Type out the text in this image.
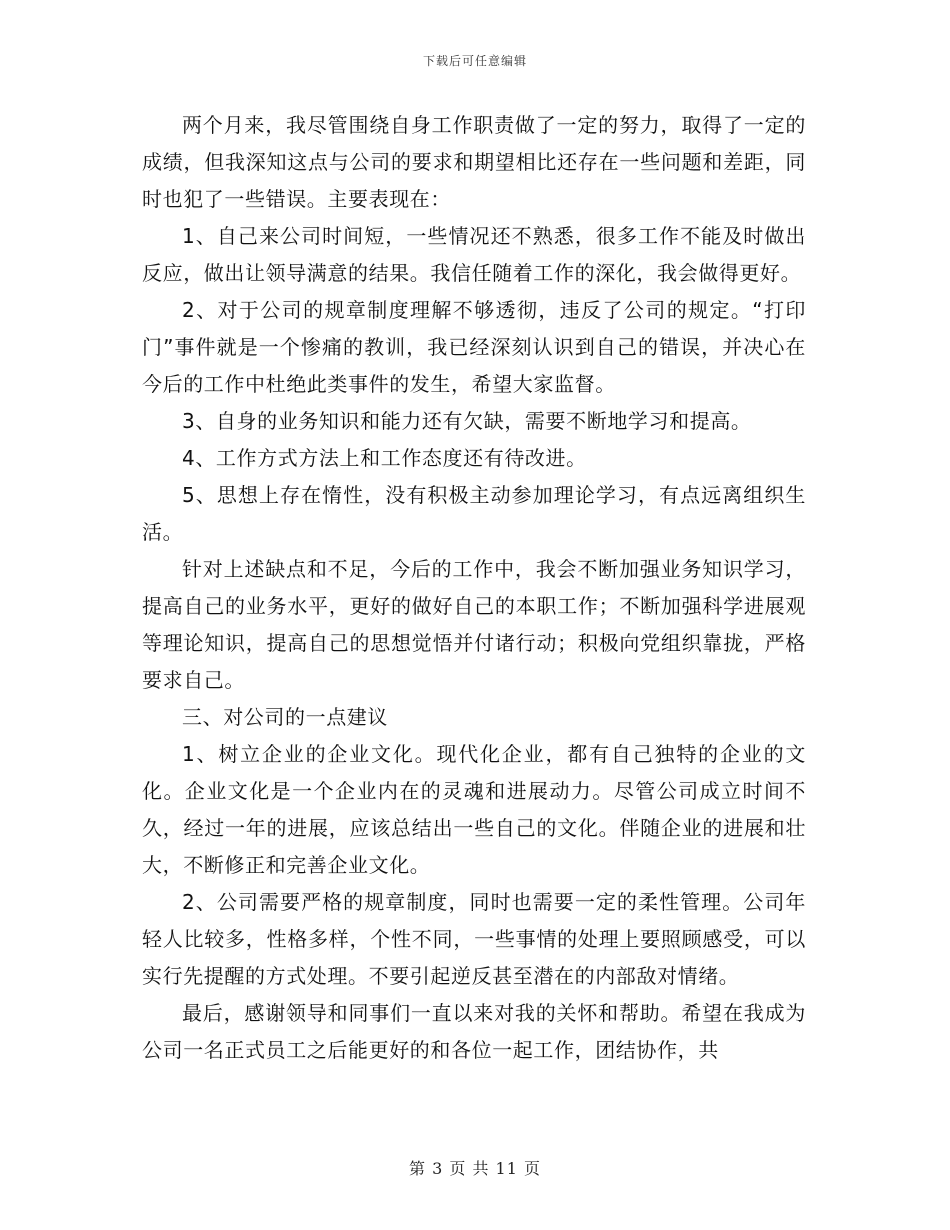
下载后可任意编辑

两个月来，我尽管围绕自身工作职责做了一定的努力，取得了一定的成绩，但我深知这点与公司的要求和期望相比还存在一些问题和差距，同时也犯了一些错误。主要表现在：

1、自己来公司时间短，一些情况还不熟悉，很多工作不能及时做出反应，做出让领导满意的结果。我信任随着工作的深化，我会做得更好。

2、对于公司的规章制度理解不够透彻，违反了公司的规定。“打印门”事件就是一个惨痛的教训，我已经深刻认识到自己的错误，并决心在今后的工作中杜绝此类事件的发生，希望大家监督。

3、自身的业务知识和能力还有欠缺，需要不断地学习和提高。

4、工作方式方法上和工作态度还有待改进。

5、思想上存在惰性，没有积极主动参加理论学习，有点远离组织生活。

针对上述缺点和不足，今后的工作中，我会不断加强业务知识学习，提高自己的业务水平，更好的做好自己的本职工作；不断加强科学进展观等理论知识，提高自己的思想觉悟并付诸行动；积极向党组织靠拢，严格要求自己。

三、对公司的一点建议

1、树立企业的企业文化。现代化企业，都有自己独特的企业的文化。企业文化是一个企业内在的灵魂和进展动力。尽管公司成立时间不久，经过一年的进展，应该总结出一些自己的文化。伴随企业的进展和壮大，不断修正和完善企业文化。

2、公司需要严格的规章制度，同时也需要一定的柔性管理。公司年轻人比较多，性格多样，个性不同，一些事情的处理上要照顾感受，可以实行先提醒的方式处理。不要引起逆反甚至潜在的内部敌对情绪。

最后，感谢领导和同事们一直以来对我的关怀和帮助。希望在我成为公司一名正式员工之后能更好的和各位一起工作，团结协作，共

第 3 页 共 11 页
